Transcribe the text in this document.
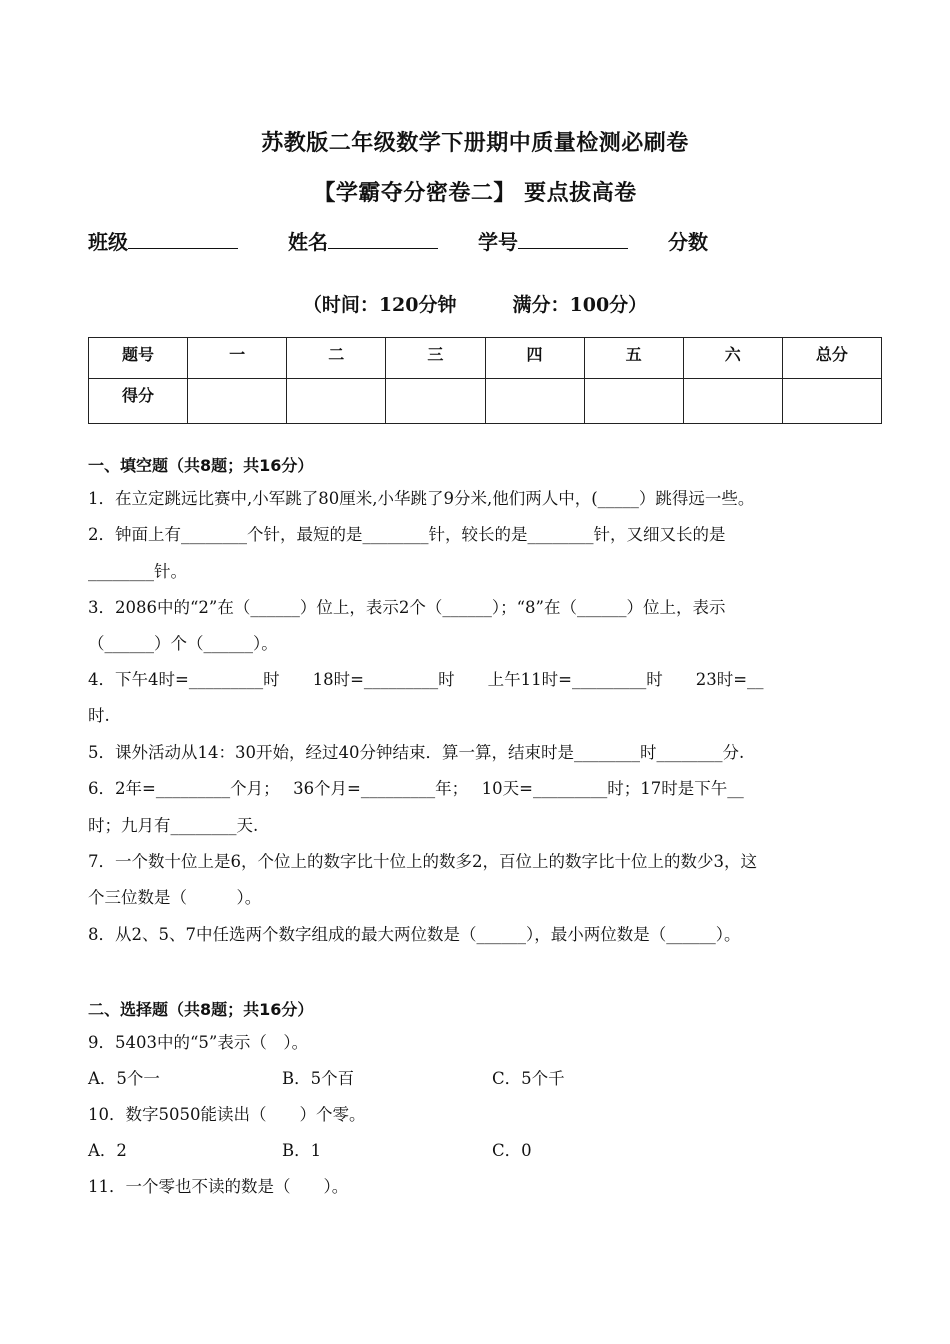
苏教版二年级数学下册期中质量检测必刷卷
【学霸夺分密卷二】 要点拔高卷
班级	姓名	学号	分数
（时间：120分钟	满分：100分）
题号	一	二	三	四	五	六	总分
得分							
一、填空题（共8题；共16分）
1．在立定跳远比赛中,小军跳了80厘米,小华跳了9分米,他们两人中，(_____）跳得远一些。
2．钟面上有________个针，最短的是________针，较长的是________针，又细又长的是
________针。
3．2086中的“2”在（______）位上，表示2个（______）；“8”在（______）位上，表示
（______）个（______）。
4．下午4时=_________时　　18时=_________时　　上午11时=_________时　　23时=__
时.
5．课外活动从14：30开始，经过40分钟结束．算一算，结束时是________时________分.
6．2年=_________个月；　 36个月=_________年；　 10天=_________时；17时是下午__
时；九月有________天.
7．一个数十位上是6，个位上的数字比十位上的数多2，百位上的数字比十位上的数少3，这
个三位数是（　　　）。
8．从2、5、7中任选两个数字组成的最大两位数是（______），最小两位数是（______）。
二、选择题（共8题；共16分）
9．5403中的“5”表示（　）。
A．5个一	B．5个百	C．5个千
10．数字5050能读出（　　）个零。
A．2	B．1	C．0
11．一个零也不读的数是（　　）。
